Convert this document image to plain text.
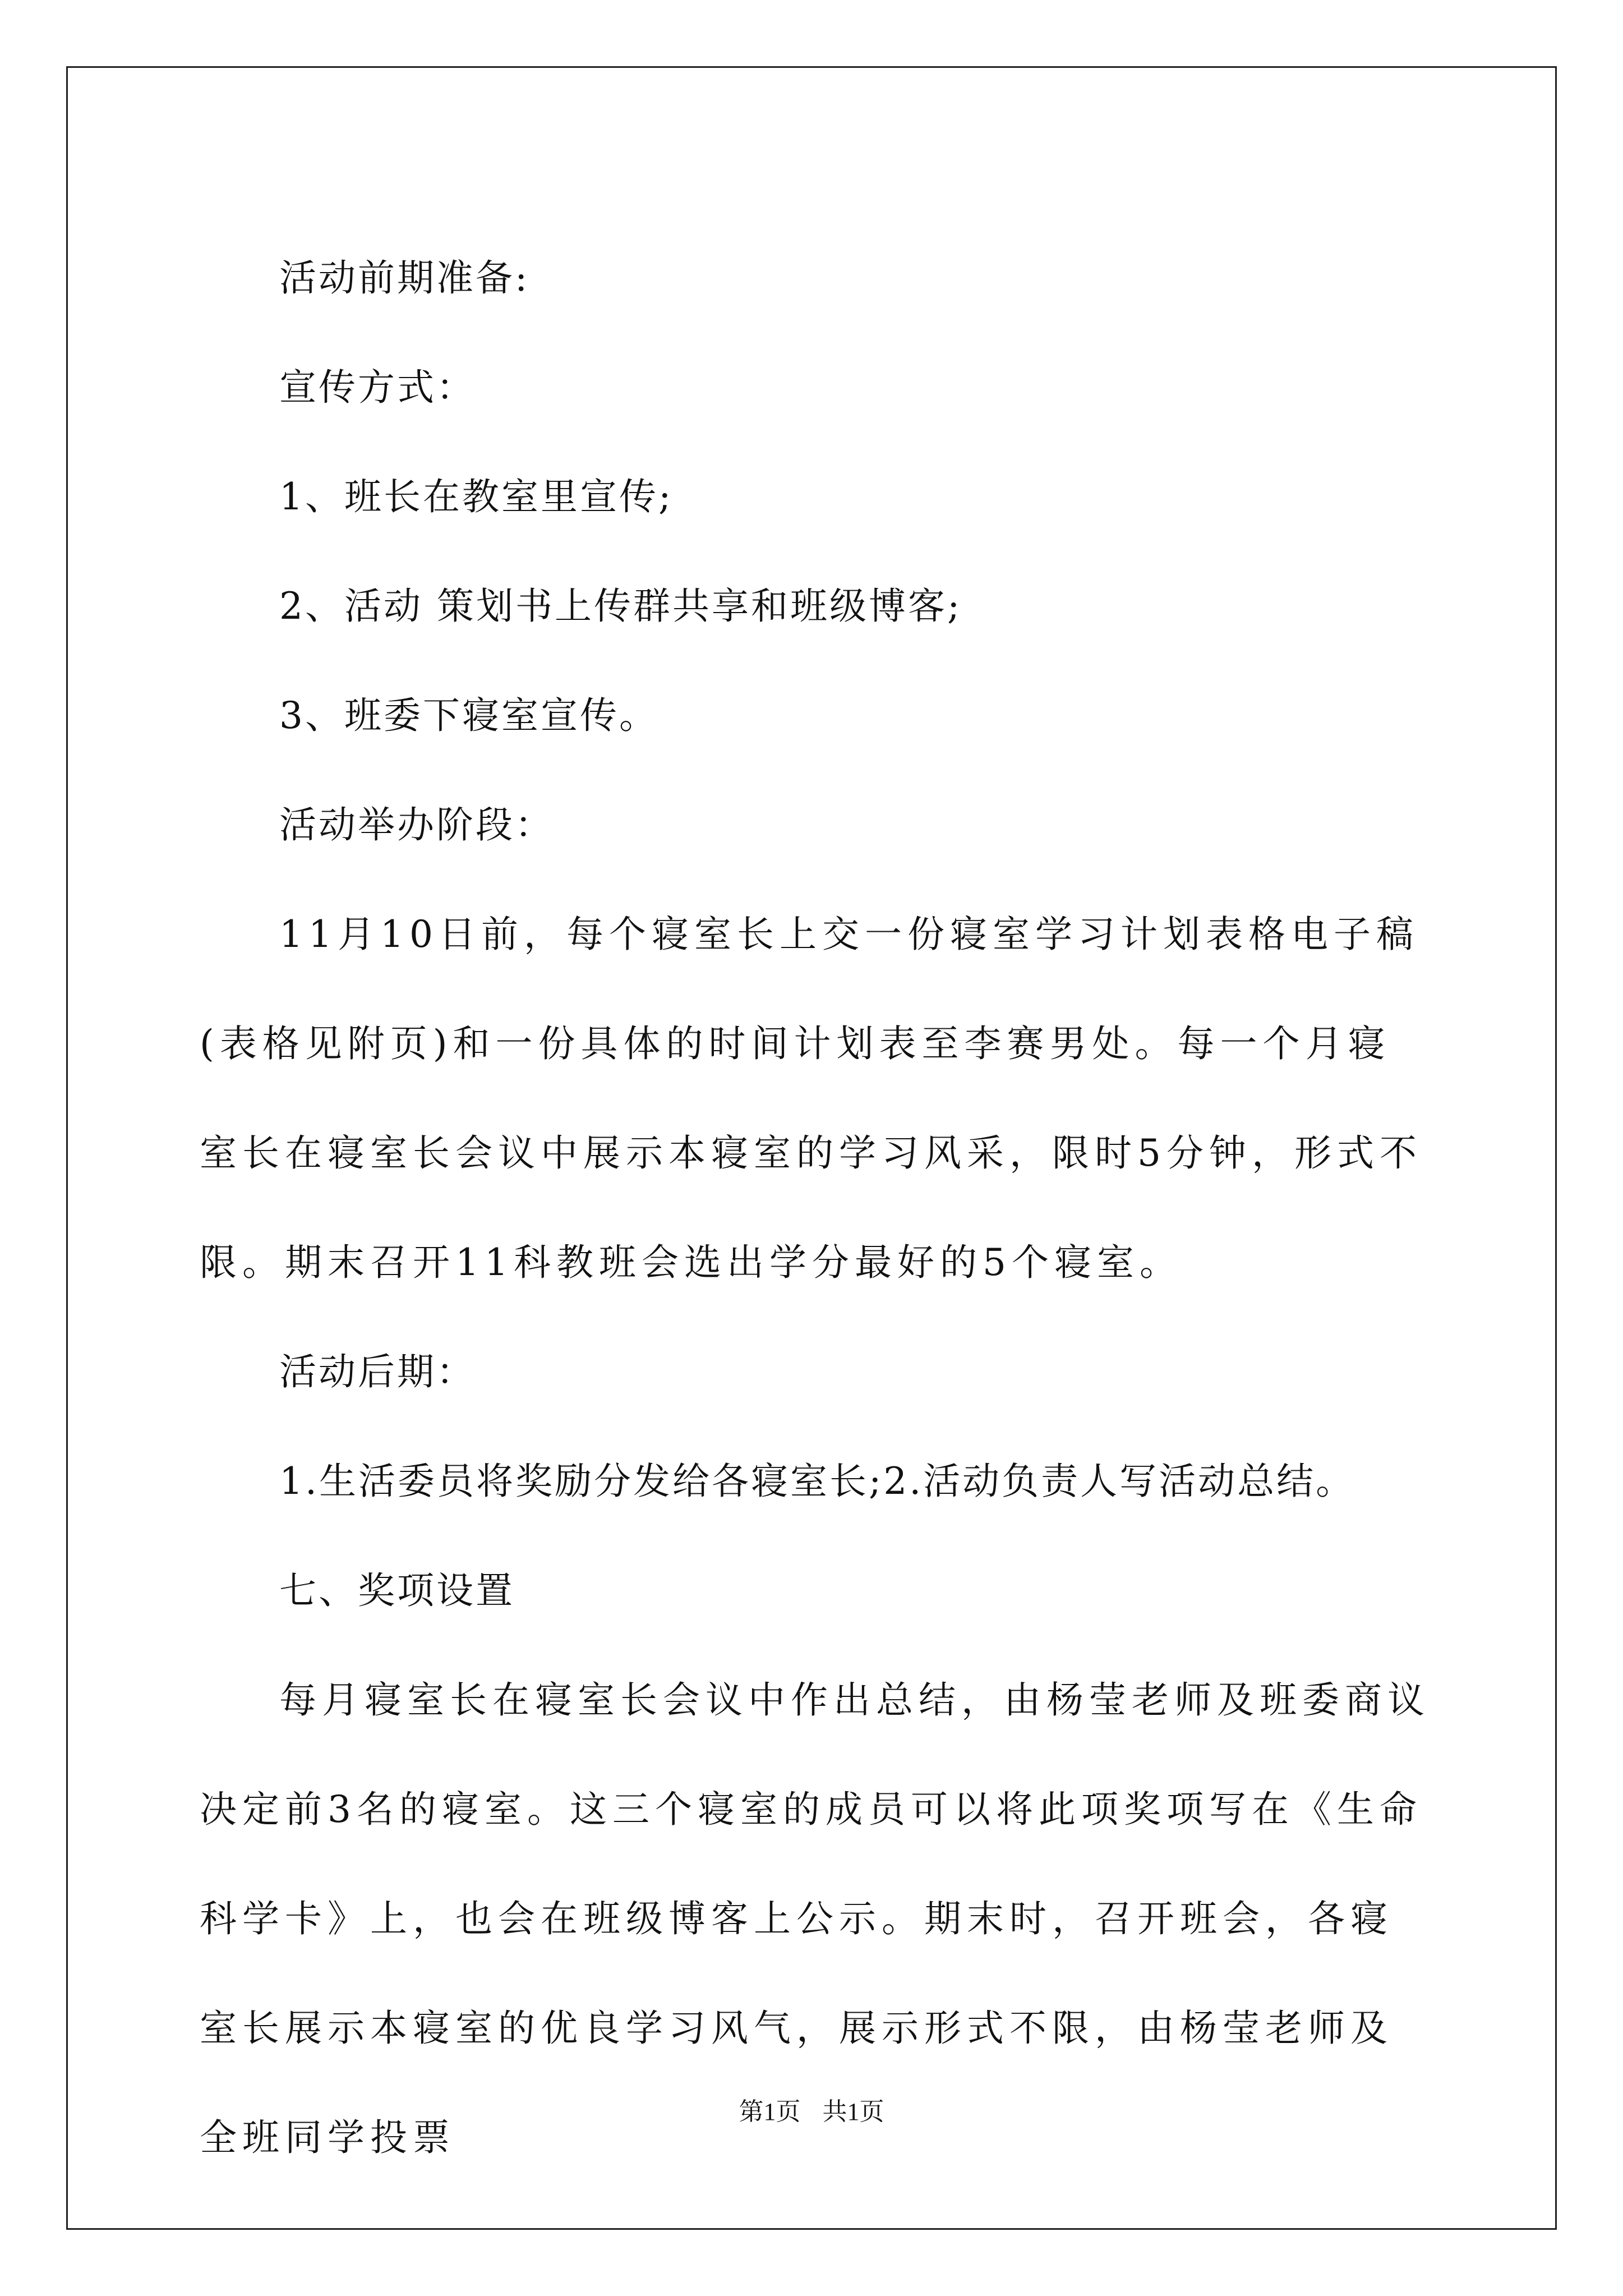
活动前期准备:

宣传方式：

1、班长在教室里宣传;

2、活动 策划书上传群共享和班级博客;

3、班委下寝室宣传。

活动举办阶段：

11月10日前，每个寝室长上交一份寝室学习计划表格电子稿(表格见附页)和一份具体的时间计划表至李赛男处。每一个月寝室长在寝室长会议中展示本寝室的学习风采，限时5分钟，形式不限。期末召开11科教班会选出学分最好的5个寝室。

活动后期：

1.生活委员将奖励分发给各寝室长;2.活动负责人写活动总结。

七、奖项设置

每月寝室长在寝室长会议中作出总结，由杨莹老师及班委商议决定前3名的寝室。这三个寝室的成员可以将此项奖项写在《生命科学卡》上，也会在班级博客上公示。期末时，召开班会，各寝室长展示本寝室的优良学习风气，展示形式不限，由杨莹老师及全班同学投票

第1页 共1页
